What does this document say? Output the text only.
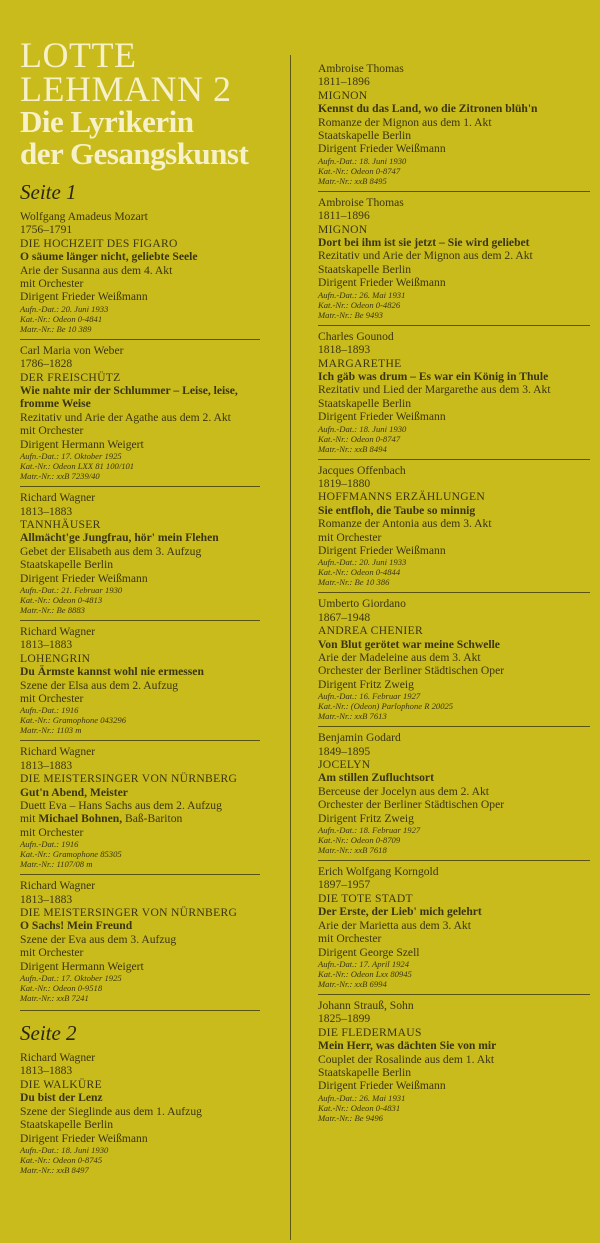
LOTTE
LEHMANN 2
Die Lyrikerin
der Gesangskunst
Seite 1
Wolfgang Amadeus Mozart
1756–1791
DIE HOCHZEIT DES FIGARO
O säume länger nicht, geliebte Seele
Arie der Susanna aus dem 4. Akt
mit Orchester
Dirigent Frieder Weißmann
Aufn.-Dat.: 20. Juni 1933
Kat.-Nr.: Odeon 0-4841
Matr.-Nr.: Be 10 389
Carl Maria von Weber
1786–1828
DER FREISCHÜTZ
Wie nahte mir der Schlummer – Leise, leise, fromme Weise
Rezitativ und Arie der Agathe aus dem 2. Akt
mit Orchester
Dirigent Hermann Weigert
Aufn.-Dat.: 17. Oktober 1925
Kat.-Nr.: Odeon LXX 81 100/101
Matr.-Nr.: xxB 7239/40
Richard Wagner
1813–1883
TANNHÄUSER
Allmächt'ge Jungfrau, hör' mein Flehen
Gebet der Elisabeth aus dem 3. Aufzug
Staatskapelle Berlin
Dirigent Frieder Weißmann
Aufn.-Dat.: 21. Februar 1930
Kat.-Nr.: Odeon 0-4813
Matr.-Nr.: Be 8883
Richard Wagner
1813–1883
LOHENGRIN
Du Ärmste kannst wohl nie ermessen
Szene der Elsa aus dem 2. Aufzug
mit Orchester
Aufn.-Dat.: 1916
Kat.-Nr.: Gramophone 043296
Matr.-Nr.: 1103 m
Richard Wagner
1813–1883
DIE MEISTERSINGER VON NÜRNBERG
Gut'n Abend, Meister
Duett Eva – Hans Sachs aus dem 2. Aufzug
mit Michael Bohnen, Baß-Bariton
mit Orchester
Aufn.-Dat.: 1916
Kat.-Nr.: Gramophone 85305
Matr.-Nr.: 1107/08 m
Richard Wagner
1813–1883
DIE MEISTERSINGER VON NÜRNBERG
O Sachs! Mein Freund
Szene der Eva aus dem 3. Aufzug
mit Orchester
Dirigent Hermann Weigert
Aufn.-Dat.: 17. Oktober 1925
Kat.-Nr.: Odeon 0-9518
Matr.-Nr.: xxB 7241
Seite 2
Richard Wagner
1813–1883
DIE WALKÜRE
Du bist der Lenz
Szene der Sieglinde aus dem 1. Aufzug
Staatskapelle Berlin
Dirigent Frieder Weißmann
Aufn.-Dat.: 18. Juni 1930
Kat.-Nr.: Odeon 0-8745
Matr.-Nr.: xxB 8497
Ambroise Thomas
1811–1896
MIGNON
Kennst du das Land, wo die Zitronen blüh'n
Romanze der Mignon aus dem 1. Akt
Staatskapelle Berlin
Dirigent Frieder Weißmann
Aufn.-Dat.: 18. Juni 1930
Kat.-Nr.: Odeon 0-8747
Matr.-Nr.: xxB 8495
Ambroise Thomas
1811–1896
MIGNON
Dort bei ihm ist sie jetzt – Sie wird geliebet
Rezitativ und Arie der Mignon aus dem 2. Akt
Staatskapelle Berlin
Dirigent Frieder Weißmann
Aufn.-Dat.: 26. Mai 1931
Kat.-Nr.: Odeon 0-4826
Matr.-Nr.: Be 9493
Charles Gounod
1818–1893
MARGARETHE
Ich gäb was drum – Es war ein König in Thule
Rezitativ und Lied der Margarethe aus dem 3. Akt
Staatskapelle Berlin
Dirigent Frieder Weißmann
Aufn.-Dat.: 18. Juni 1930
Kat.-Nr.: Odeon 0-8747
Matr.-Nr.: xxB 8494
Jacques Offenbach
1819–1880
HOFFMANNS ERZÄHLUNGEN
Sie entfloh, die Taube so minnig
Romanze der Antonia aus dem 3. Akt
mit Orchester
Dirigent Frieder Weißmann
Aufn.-Dat.: 20. Juni 1933
Kat.-Nr.: Odeon 0-4844
Matr.-Nr.: Be 10 386
Umberto Giordano
1867–1948
ANDREA CHENIER
Von Blut gerötet war meine Schwelle
Arie der Madeleine aus dem 3. Akt
Orchester der Berliner Städtischen Oper
Dirigent Fritz Zweig
Aufn.-Dat.: 16. Februar 1927
Kat.-Nr.: (Odeon) Parlophone R 20025
Matr.-Nr.: xxB 7613
Benjamin Godard
1849–1895
JOCELYN
Am stillen Zufluchtsort
Berceuse der Jocelyn aus dem 2. Akt
Orchester der Berliner Städtischen Oper
Dirigent Fritz Zweig
Aufn.-Dat.: 18. Februar 1927
Kat.-Nr.: Odeon 0-8709
Matr.-Nr.: xxB 7618
Erich Wolfgang Korngold
1897–1957
DIE TOTE STADT
Der Erste, der Lieb' mich gelehrt
Arie der Marietta aus dem 3. Akt
mit Orchester
Dirigent George Szell
Aufn.-Dat.: 17. April 1924
Kat.-Nr.: Odeon Lxx 80945
Matr.-Nr.: xxB 6994
Johann Strauß, Sohn
1825–1899
DIE FLEDERMAUS
Mein Herr, was dächten Sie von mir
Couplet der Rosalinde aus dem 1. Akt
Staatskapelle Berlin
Dirigent Frieder Weißmann
Aufn.-Dat.: 26. Mai 1931
Kat.-Nr.: Odeon 0-4831
Matr.-Nr.: Be 9496
